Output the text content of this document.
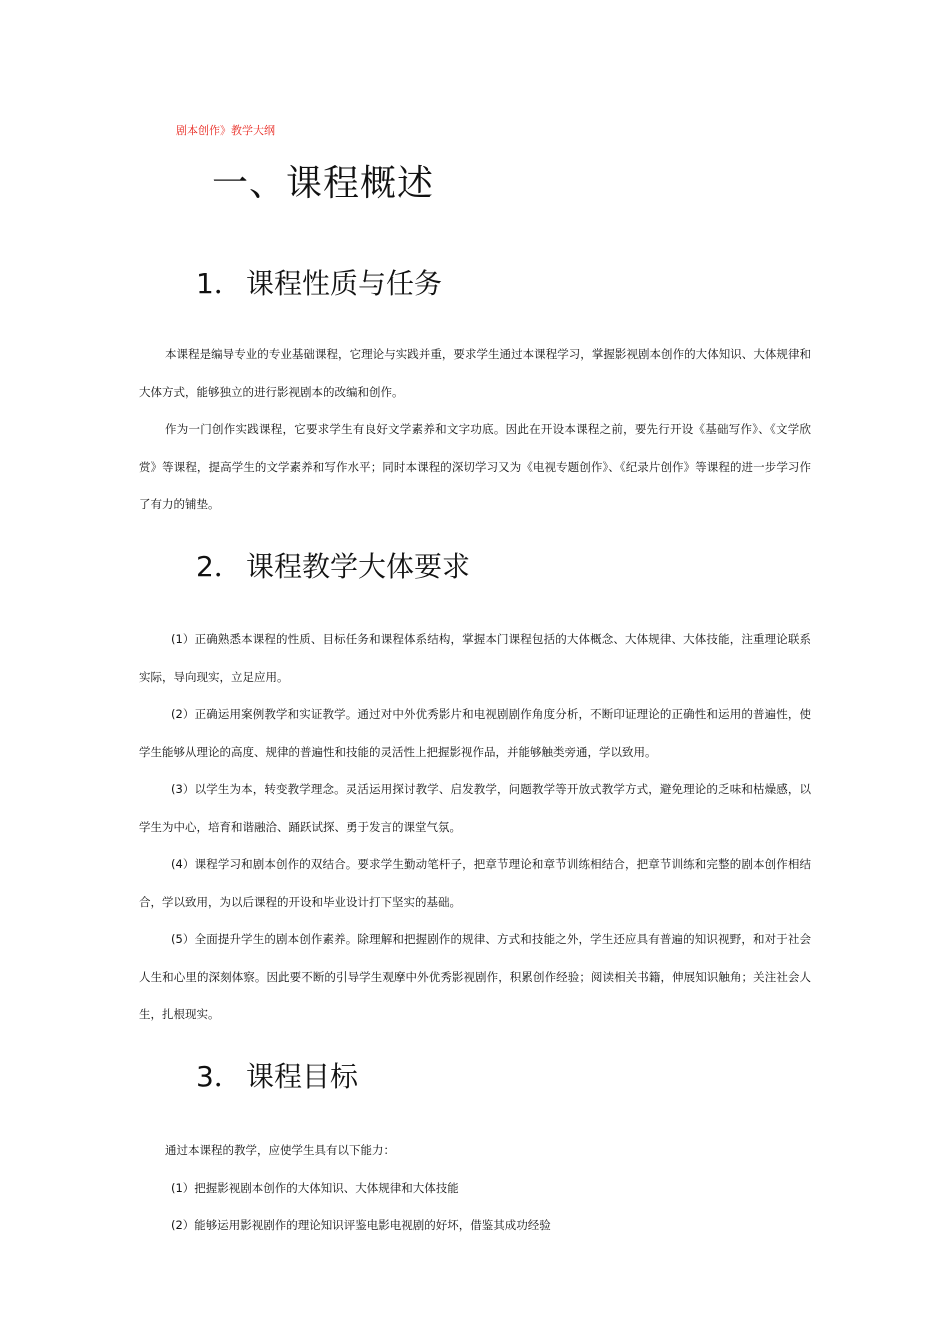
剧本创作》教学大纲
一、课程概述
1． 课程性质与任务

本课程是编导专业的专业基础课程，它理论与实践并重，要求学生通过本课程学习，掌握影视剧本创作的大体知识、大体规律和大体方式，能够独立的进行影视剧本的改编和创作。

作为一门创作实践课程，它要求学生有良好文学素养和文字功底。因此在开设本课程之前，要先行开设《基础写作》、《文学欣赏》等课程，提高学生的文学素养和写作水平；同时本课程的深切学习又为《电视专题创作》、《纪录片创作》等课程的进一步学习作了有力的铺垫。

2． 课程教学大体要求

(1）正确熟悉本课程的性质、目标任务和课程体系结构，掌握本门课程包括的大体概念、大体规律、大体技能，注重理论联系实际，导向现实，立足应用。

(2）正确运用案例教学和实证教学。通过对中外优秀影片和电视剧剧作角度分析，不断印证理论的正确性和运用的普遍性，使学生能够从理论的高度、规律的普遍性和技能的灵活性上把握影视作品，并能够触类旁通，学以致用。

(3）以学生为本，转变教学理念。灵活运用探讨教学、启发教学，问题教学等开放式教学方式，避免理论的乏味和枯燥感，以学生为中心，培育和谐融洽、踊跃试探、勇于发言的课堂气氛。

(4）课程学习和剧本创作的双结合。要求学生勤动笔杆子，把章节理论和章节训练相结合，把章节训练和完整的剧本创作相结合，学以致用，为以后课程的开设和毕业设计打下坚实的基础。

(5）全面提升学生的剧本创作素养。除理解和把握剧作的规律、方式和技能之外，学生还应具有普遍的知识视野，和对于社会人生和心里的深刻体察。因此要不断的引导学生观摩中外优秀影视剧作，积累创作经验；阅读相关书籍，伸展知识触角；关注社会人生，扎根现实。

3． 课程目标

通过本课程的教学，应使学生具有以下能力：

(1）把握影视剧本创作的大体知识、大体规律和大体技能

(2）能够运用影视剧作的理论知识评鉴电影电视剧的好坏，借鉴其成功经验
